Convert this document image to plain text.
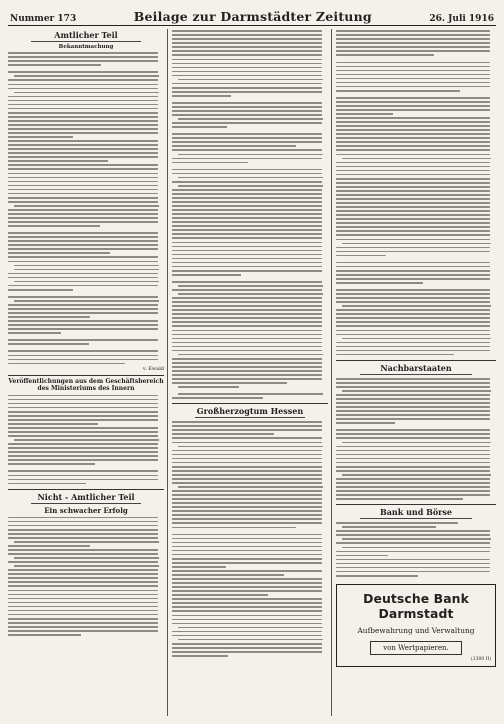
Nummer 173	Beilage zur Darmstädter Zeitung	26. Juli 1916
Amtlicher Teil
Bekanntmachung
v. Ewald
Veröffentlichungen aus dem Geschäftsbereich des Ministeriums des Innern
Nicht - Amtlicher Teil
Ein schwacher Erfolg
Großherzogtum Hessen
Nachbarstaaten
Bank und Börse
Deutsche Bank Darmstadt
Aufbewahrung und Verwaltung
von Wertpapieren.
(1300 II)
